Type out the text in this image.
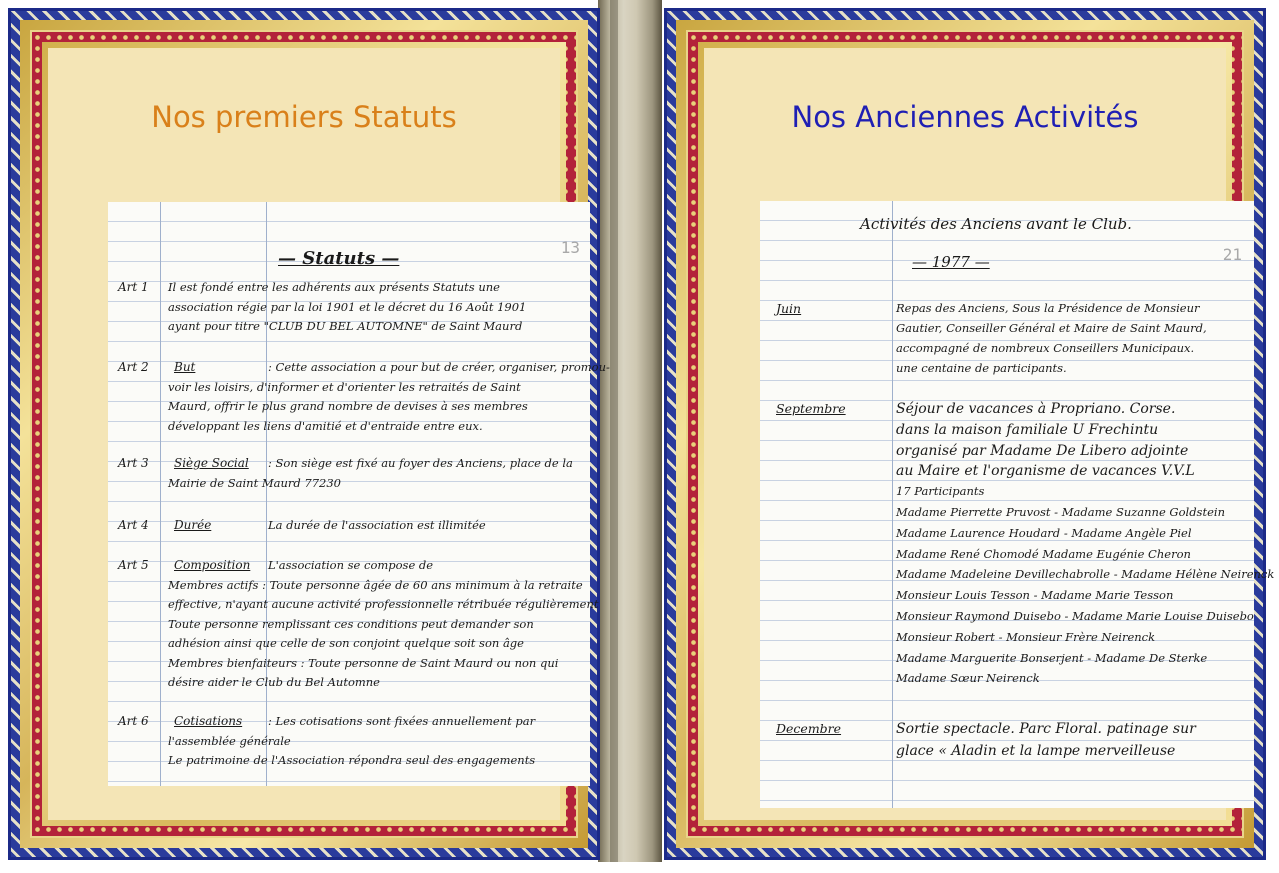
Nos premiers Statuts
13
— Statuts —
Art 1 Il est fondé entre les adhérents aux présents Statuts une
association régie par la loi 1901 et le décret du 16 Août 1901
ayant pour titre "CLUB DU BEL AUTOMNE" de Saint Maurd
Art 2 But	: Cette association a pour but de créer, organiser, promou-
voir les loisirs, d'informer et d'orienter les retraités de Saint
Maurd, offrir le plus grand nombre de devises à ses membres
développant les liens d'amitié et d'entraide entre eux.
Art 3 Siège Social : Son siège est fixé au foyer des Anciens, place de la
Mairie de Saint Maurd 77230
Art 4 Durée	La durée de l'association est illimitée
Art 5 Composition L'association se compose de
Membres actifs : Toute personne âgée de 60 ans minimum à la retraite
effective, n'ayant aucune activité professionnelle rétribuée régulièrement
Toute personne remplissant ces conditions peut demander son
adhésion ainsi que celle de son conjoint quelque soit son âge
Membres bienfaiteurs : Toute personne de Saint Maurd ou non qui
désire aider le Club du Bel Automne
Art 6 Cotisations : Les cotisations sont fixées annuellement par
l'assemblée générale
Le patrimoine de l'Association répondra seul des engagements
Nos Anciennes Activités
21
Activités des Anciens avant le Club.
— 1977 —
Juin	Repas des Anciens, Sous la Présidence de Monsieur
Gautier, Conseiller Général et Maire de Saint Maurd,
accompagné de nombreux Conseillers Municipaux.
une centaine de participants.
Septembre	Séjour de vacances à Propriano. Corse.
dans la maison familiale U Frechintu
organisé par Madame De Libero adjointe
au Maire et l'organisme de vacances V.V.L
17 Participants
Madame Pierrette Pruvost - Madame Suzanne Goldstein
Madame Laurence Houdard - Madame Angèle Piel
Madame René Chomodé Madame Eugénie Cheron
Madame Madeleine Devillechabrolle - Madame Hélène Neirenck
Monsieur Louis Tesson - Madame Marie Tesson
Monsieur Raymond Duisebo - Madame Marie Louise Duisebo
Monsieur Robert - Monsieur Frère Neirenck
Madame Marguerite Bonserjent - Madame De Sterke
Madame Sœur Neirenck
Decembre	Sortie spectacle. Parc Floral. patinage sur
glace « Aladin et la lampe merveilleuse
